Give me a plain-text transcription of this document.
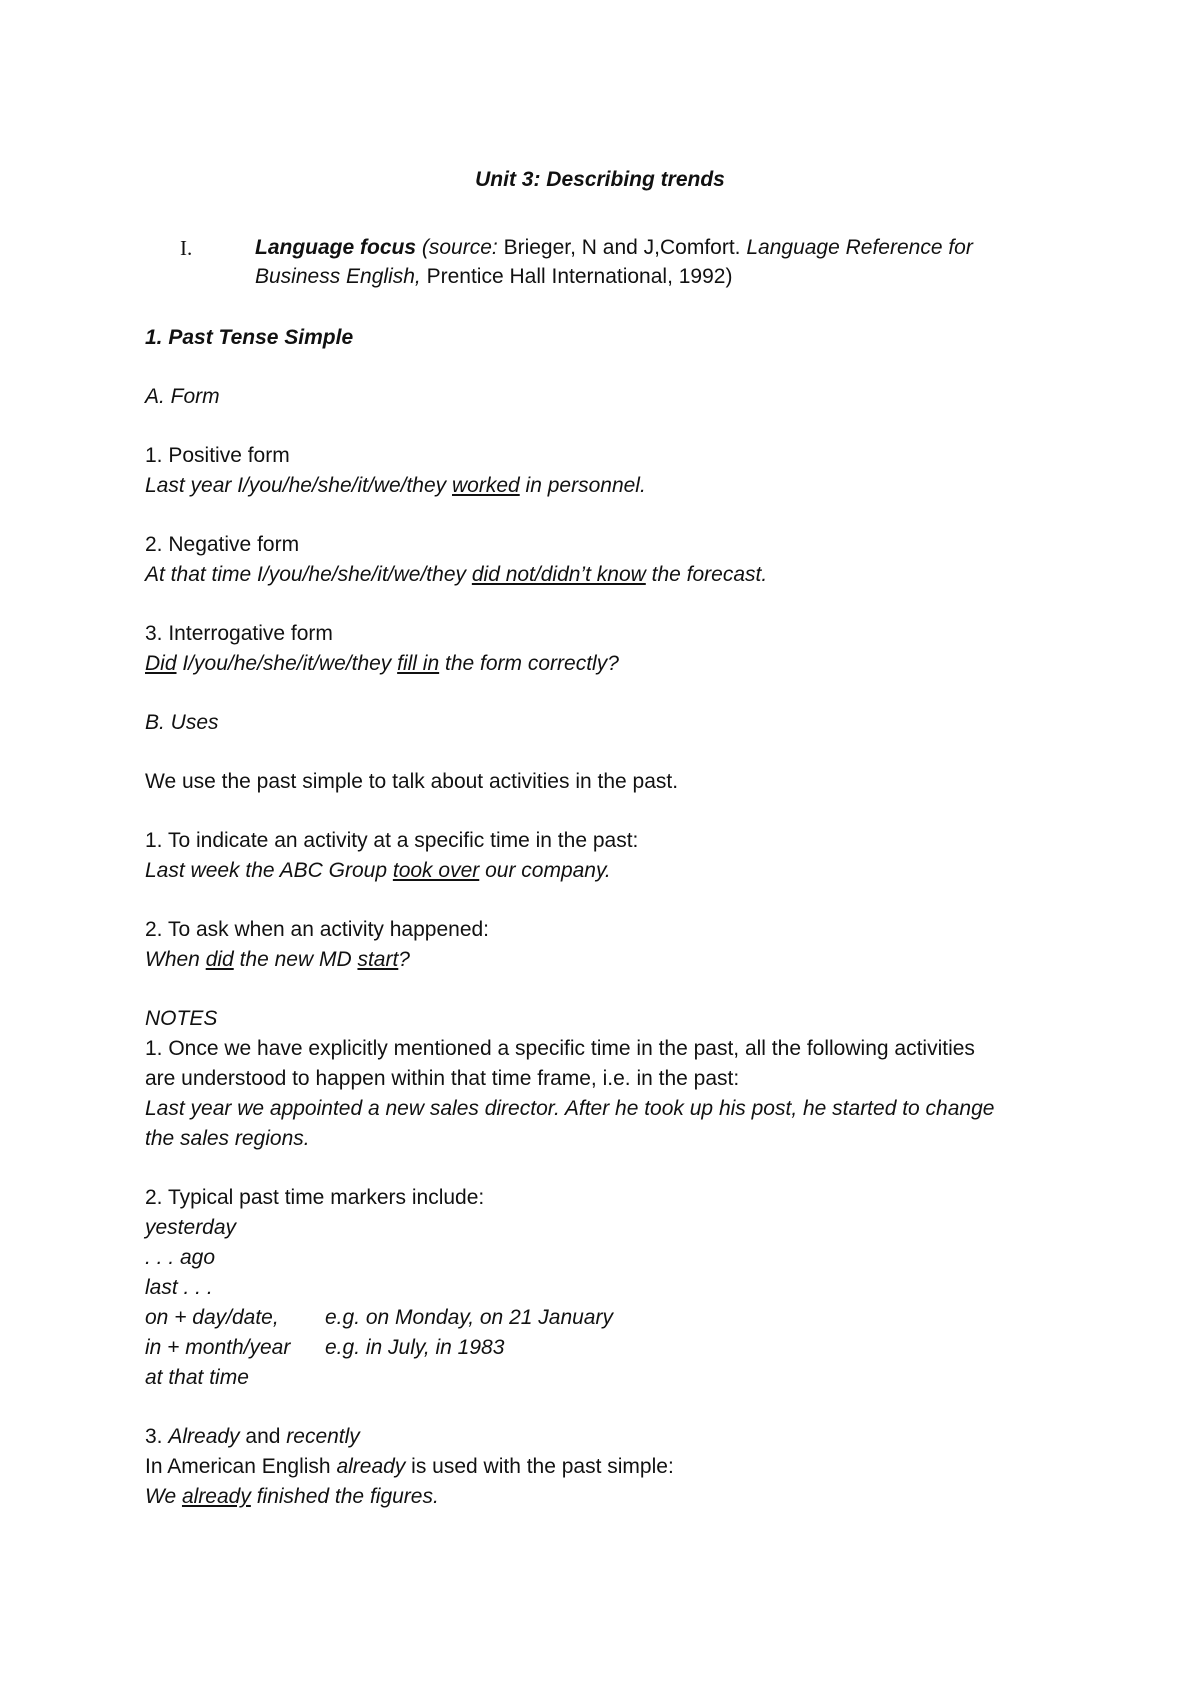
Unit 3: Describing trends
I.	Language focus (source: Brieger, N and J,Comfort. Language Reference for
Business English, Prentice Hall International, 1992)
1. Past Tense Simple
A. Form
1. Positive form
Last year I/you/he/she/it/we/they worked in personnel.
2. Negative form
At that time I/you/he/she/it/we/they did not/didn’t know the forecast.
3. Interrogative form
Did I/you/he/she/it/we/they fill in the form correctly?
B. Uses
We use the past simple to talk about activities in the past.
1. To indicate an activity at a specific time in the past:
Last week the ABC Group took over our company.
2. To ask when an activity happened:
When did the new MD start?
NOTES
1. Once we have explicitly mentioned a specific time in the past, all the following activities
are understood to happen within that time frame, i.e. in the past:
Last year we appointed a new sales director. After he took up his post, he started to change
the sales regions.
2. Typical past time markers include:
yesterday
. . . ago
last . . .
on + day/date, e.g. on Monday, on 21 January
in + month/year e.g. in July, in 1983
at that time
3. Already and recently
In American English already is used with the past simple:
We already finished the figures.
